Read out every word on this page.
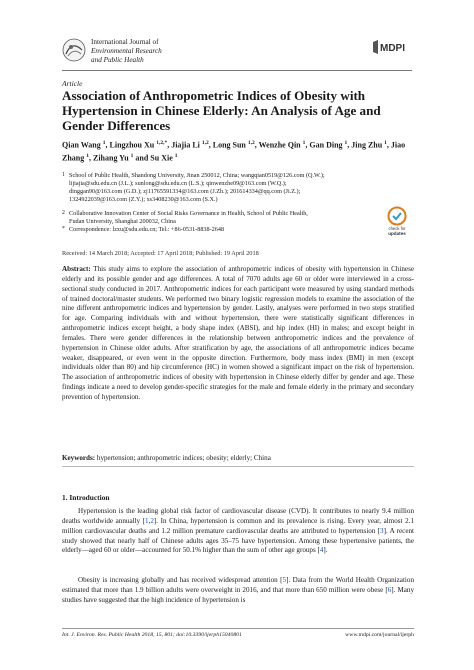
International Journal of
Environmental Research
and Public Health
MDPI
Article
Association of Anthropometric Indices of Obesity with Hypertension in Chinese Elderly: An Analysis of Age and Gender Differences
Qian Wang $^1$, Lingzhou Xu $^{1,2,*}$, Jiajia Li $^{1,2}$, Long Sun $^{1,2}$, Wenzhe Qin $^1$, Gan Ding $^1$, Jing Zhu $^1$, Jiao Zhang $^1$, Zihang Yu $^1$ and Su Xie $^1$
1 School of Public Health, Shandong University, Jinan 250012, China; wangqian0519@126.com (Q.W.);
lijiajia@sdu.edu.cn (J.L.); sunlong@sdu.edu.cn (L.S.); qinwenzhe09@163.com (W.Q.);
dinggan90@163.com (G.D.); zj11765591334@163.com (J.Zh.); 201614334@qq.com (Ji.Z.);
1324922039@163.com (Z.Y.); xs3408230@163.com (S.X.)
2 Collaborative Innovation Center of Social Risks Governance in Health, School of Public Health,
Fudan University, Shanghai 200032, China
* Correspondence: lzxu@sdu.edu.cn; Tel.: +86-0531-8838-2648	check for
updates
Received: 14 March 2018; Accepted: 17 April 2018; Published: 19 April 2018
Abstract: This study aims to explore the association of anthropometric indices of obesity with hypertension in Chinese elderly and its possible gender and age differences. A total of 7070 adults age 60 or older were interviewed in a cross-sectional study conducted in 2017. Anthropometric indices for each participant were measured by using standard methods of trained doctoral/master students. We performed two binary logistic regression models to examine the association of the nine different anthropometric indices and hypertension by gender. Lastly, analyses were performed in two steps stratified for age. Comparing individuals with and without hypertension, there were statistically significant differences in anthropometric indices except height, a body shape index (ABSI), and hip index (HI) in males; and except height in females. There were gender differences in the relationship between anthropometric indices and the prevalence of hypertension in Chinese older adults. After stratification by age, the associations of all anthropometric indices became weaker, disappeared, or even went in the opposite direction. Furthermore, body mass index (BMI) in men (except individuals older than 80) and hip circumference (HC) in women showed a significant impact on the risk of hypertension. The association of anthropometric indices of obesity with hypertension in Chinese elderly differ by gender and age. These findings indicate a need to develop gender-specific strategies for the male and female elderly in the primary and secondary prevention of hypertension.
Keywords: hypertension; anthropometric indices; obesity; elderly; China
1. Introduction
Hypertension is the leading global risk factor of cardiovascular disease (CVD). It contributes to nearly 9.4 million deaths worldwide annually [1,2]. In China, hypertension is common and its prevalence is rising. Every year, almost 2.1 million cardiovascular deaths and 1.2 million premature cardiovascular deaths are attributed to hypertension [3]. A recent study showed that nearly half of Chinese adults ages 35–75 have hypertension. Among these hypertensive patients, the elderly—aged 60 or older—accounted for 50.1% higher than the sum of other age groups [4].
Obesity is increasing globally and has received widespread attention [5]. Data from the World Health Organization estimated that more than 1.9 billion adults were overweight in 2016, and that more than 650 million were obese [6]. Many studies have suggested that the high incidence of hypertension is
Int. J. Environ. Res. Public Health 2018, 15, 801; doi:10.3390/ijerph15040801	www.mdpi.com/journal/ijerph
